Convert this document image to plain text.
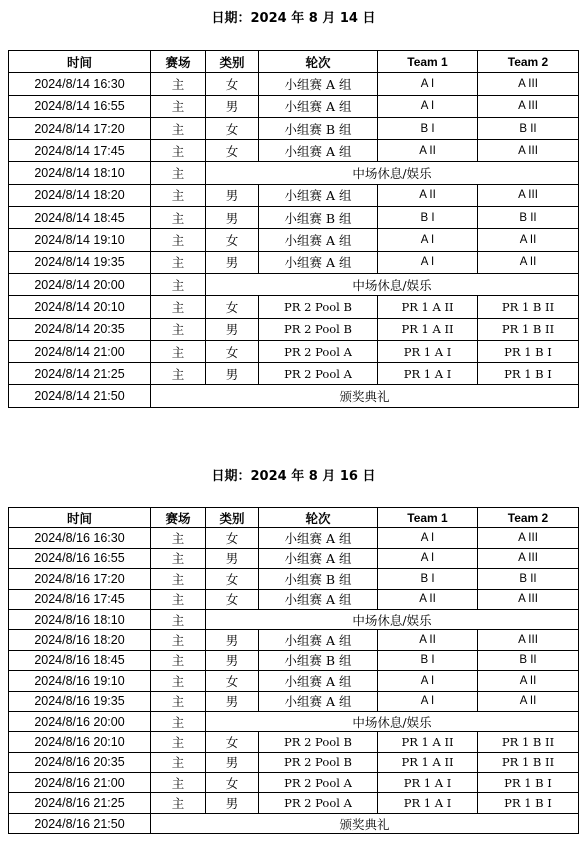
日期：2024 年 8 月 14 日
时间	赛场	类别	轮次	Team 1	Team 2
2024/8/14 16:30	主	女	小组赛 A 组	A I	A III
2024/8/14 16:55	主	男	小组赛 A 组	A I	A III
2024/8/14 17:20	主	女	小组赛 B 组	B I	B II
2024/8/14 17:45	主	女	小组赛 A 组	A II	A III
2024/8/14 18:10	主	中场休息/娱乐			
2024/8/14 18:20	主	男	小组赛 A 组	A II	A III
2024/8/14 18:45	主	男	小组赛 B 组	B I	B II
2024/8/14 19:10	主	女	小组赛 A 组	A I	A II
2024/8/14 19:35	主	男	小组赛 A 组	A I	A II
2024/8/14 20:00	主	中场休息/娱乐			
2024/8/14 20:10	主	女	PR 2 Pool B	PR 1 A II	PR 1 B II
2024/8/14 20:35	主	男	PR 2 Pool B	PR 1 A II	PR 1 B II
2024/8/14 21:00	主	女	PR 2 Pool A	PR 1 A I	PR 1 B I
2024/8/14 21:25	主	男	PR 2 Pool A	PR 1 A I	PR 1 B I
2024/8/14 21:50	颁奖典礼				
日期：2024 年 8 月 16 日
时间	赛场	类别	轮次	Team 1	Team 2
2024/8/16 16:30	主	女	小组赛 A 组	A I	A III
2024/8/16 16:55	主	男	小组赛 A 组	A I	A III
2024/8/16 17:20	主	女	小组赛 B 组	B I	B II
2024/8/16 17:45	主	女	小组赛 A 组	A II	A III
2024/8/16 18:10	主	中场休息/娱乐			
2024/8/16 18:20	主	男	小组赛 A 组	A II	A III
2024/8/16 18:45	主	男	小组赛 B 组	B I	B II
2024/8/16 19:10	主	女	小组赛 A 组	A I	A II
2024/8/16 19:35	主	男	小组赛 A 组	A I	A II
2024/8/16 20:00	主	中场休息/娱乐			
2024/8/16 20:10	主	女	PR 2 Pool B	PR 1 A II	PR 1 B II
2024/8/16 20:35	主	男	PR 2 Pool B	PR 1 A II	PR 1 B II
2024/8/16 21:00	主	女	PR 2 Pool A	PR 1 A I	PR 1 B I
2024/8/16 21:25	主	男	PR 2 Pool A	PR 1 A I	PR 1 B I
2024/8/16 21:50	颁奖典礼				
